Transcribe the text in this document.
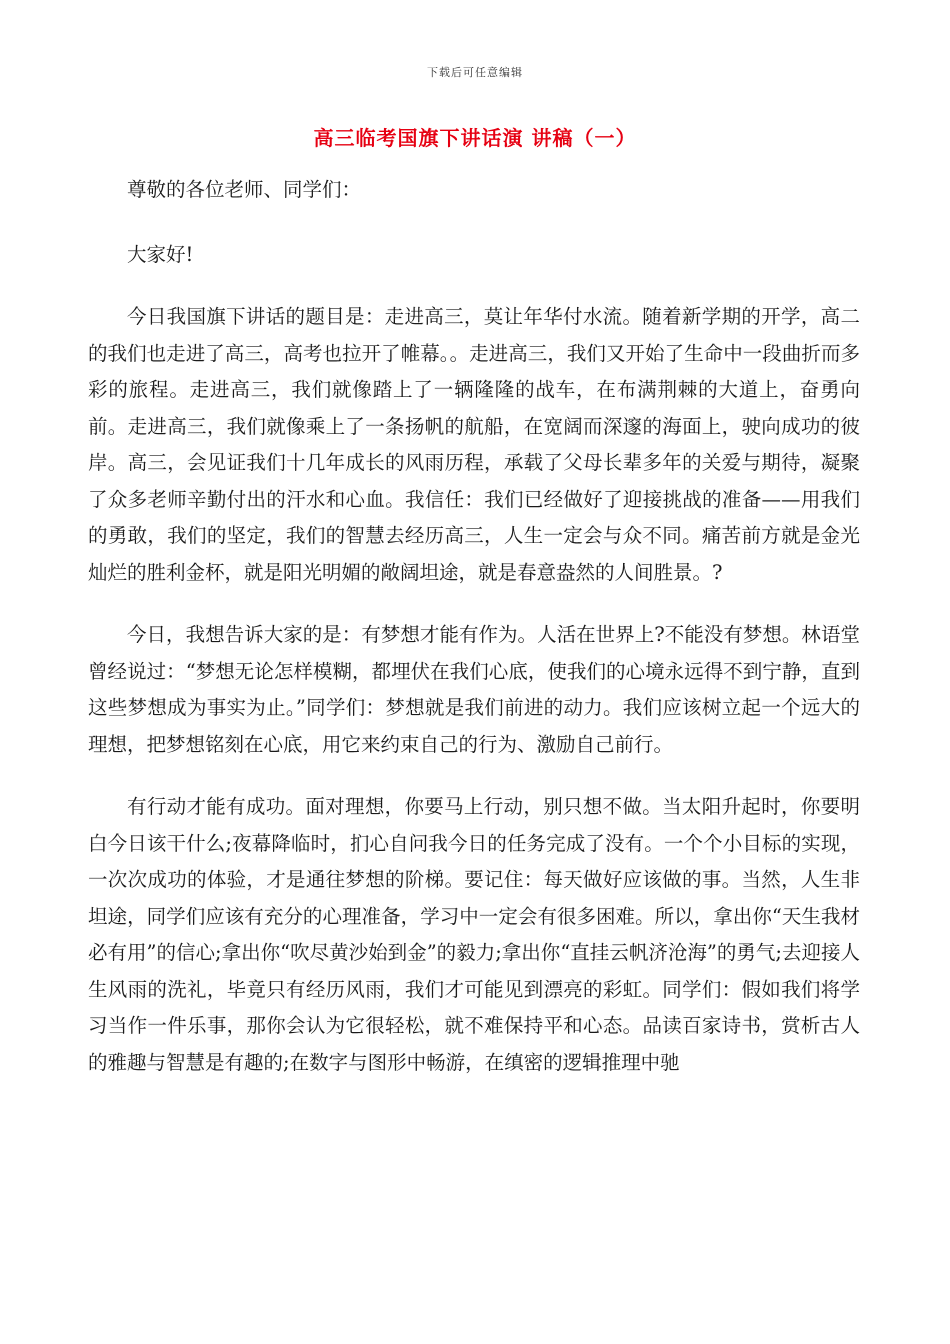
下载后可任意编辑
高三临考国旗下讲话演 讲稿（一）

尊敬的各位老师、同学们：

大家好!

今日我国旗下讲话的题目是：走进高三，莫让年华付水流。随着新学期的开学，高二的我们也走进了高三，高考也拉开了帷幕。。走进高三，我们又开始了生命中一段曲折而多彩的旅程。走进高三，我们就像踏上了一辆隆隆的战车，在布满荆棘的大道上，奋勇向前。走进高三，我们就像乘上了一条扬帆的航船，在宽阔而深邃的海面上，驶向成功的彼岸。高三，会见证我们十几年成长的风雨历程，承载了父母长辈多年的关爱与期待，凝聚了众多老师辛勤付出的汗水和心血。我信任：我们已经做好了迎接挑战的准备——用我们的勇敢，我们的坚定，我们的智慧去经历高三，人生一定会与众不同。痛苦前方就是金光灿烂的胜利金杯，就是阳光明媚的敞阔坦途，就是春意盎然的人间胜景。?

今日，我想告诉大家的是：有梦想才能有作为。人活在世界上?不能没有梦想。林语堂曾经说过：“梦想无论怎样模糊，都埋伏在我们心底，使我们的心境永远得不到宁静，直到这些梦想成为事实为止。”同学们：梦想就是我们前进的动力。我们应该树立起一个远大的理想，把梦想铭刻在心底，用它来约束自己的行为、激励自己前行。

有行动才能有成功。面对理想，你要马上行动，别只想不做。当太阳升起时，你要明白今日该干什么;夜幕降临时，扪心自问我今日的任务完成了没有。一个个小目标的实现，一次次成功的体验，才是通往梦想的阶梯。要记住：每天做好应该做的事。当然，人生非坦途，同学们应该有充分的心理准备，学习中一定会有很多困难。所以，拿出你“天生我材必有用”的信心;拿出你“吹尽黄沙始到金”的毅力;拿出你“直挂云帆济沧海”的勇气;去迎接人生风雨的洗礼，毕竟只有经历风雨，我们才可能见到漂亮的彩虹。同学们：假如我们将学习当作一件乐事，那你会认为它很轻松，就不难保持平和心态。品读百家诗书，赏析古人的雅趣与智慧是有趣的;在数字与图形中畅游，在缜密的逻辑推理中驰
